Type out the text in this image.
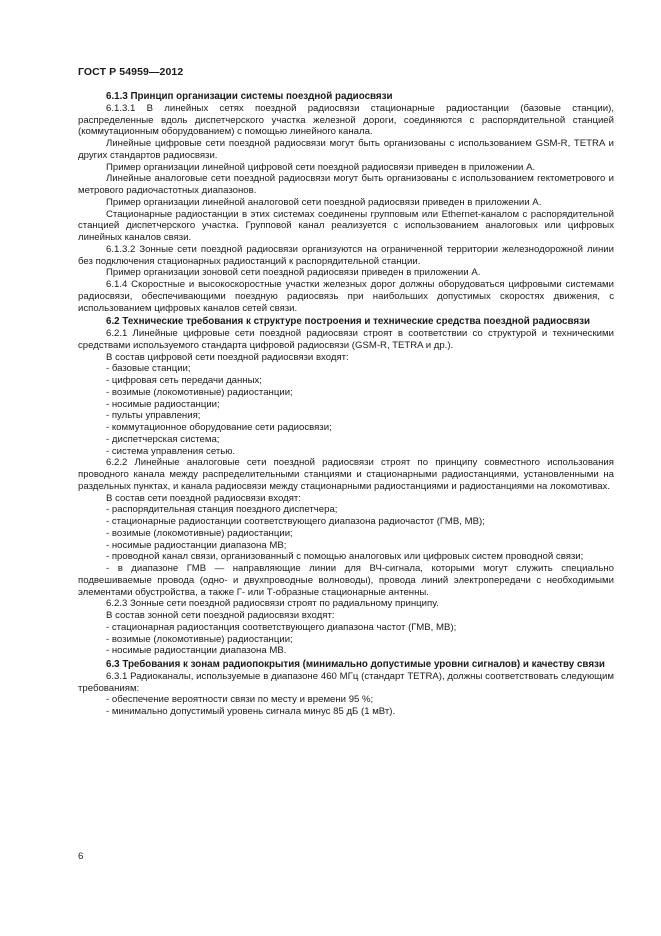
ГОСТ Р 54959—2012

6.1.3 Принцип организации системы поездной радиосвязи

6.1.3.1 В линейных сетях поездной радиосвязи стационарные радиостанции (базовые станции), распределенные вдоль диспетчерского участка железной дороги, соединяются с распорядительной станцией (коммутационным оборудованием) с помощью линейного канала.

Линейные цифровые сети поездной радиосвязи могут быть организованы с использованием GSM-R, TETRA и других стандартов радиосвязи.

Пример организации линейной цифровой сети поездной радиосвязи приведен в приложении А.

Линейные аналоговые сети поездной радиосвязи могут быть организованы с использованием гектометрового и метрового радиочастотных диапазонов.

Пример организации линейной аналоговой сети поездной радиосвязи приведен в приложении А.

Стационарные радиостанции в этих системах соединены групповым или Ethernet-каналом с распорядительной станцией диспетчерского участка. Групповой канал реализуется с использованием аналоговых или цифровых линейных каналов связи.

6.1.3.2 Зонные сети поездной радиосвязи организуются на ограниченной территории железнодорожной линии без подключения стационарных радиостанций к распорядительной станции.

Пример организации зоновой сети поездной радиосвязи приведен в приложении А.

6.1.4 Скоростные и высокоскоростные участки железных дорог должны оборудоваться цифровыми системами радиосвязи, обеспечивающими поездную радиосвязь при наибольших допустимых скоростях движения, с использованием цифровых каналов сетей связи.

6.2 Технические требования к структуре построения и технические средства поездной радиосвязи

6.2.1 Линейные цифровые сети поездной радиосвязи строят в соответствии со структурой и техническими средствами используемого стандарта цифровой радиосвязи (GSM-R, TETRA и др.).

В состав цифровой сети поездной радиосвязи входят:

- базовые станции;

- цифровая сеть передачи данных;

- возимые (локомотивные) радиостанции;

- носимые радиостанции;

- пульты управления;

- коммутационное оборудование сети радиосвязи;

- диспетчерская система;

- система управления сетью.

6.2.2 Линейные аналоговые сети поездной радиосвязи строят по принципу совместного использования проводного канала между распределительными станциями и стационарными радиостанциями, установленными на раздельных пунктах, и канала радиосвязи между стационарными радиостанциями и радиостанциями на локомотивах.

В состав сети поездной радиосвязи входят:

- распорядительная станция поездного диспетчера;

- стационарные радиостанции соответствующего диапазона радиочастот (ГМВ, МВ);

- возимые (локомотивные) радиостанции;

- носимые радиостанции диапазона МВ;

- проводной канал связи, организованный с помощью аналоговых или цифровых систем проводной связи;

- в диапазоне ГМВ — направляющие линии для ВЧ-сигнала, которыми могут служить специально подвешиваемые провода (одно- и двухпроводные волноводы), провода линий электропередачи с необходимыми элементами обустройства, а также Г- или Т-образные стационарные антенны.

6.2.3 Зонные сети поездной радиосвязи строят по радиальному принципу.

В состав зонной сети поездной радиосвязи входят:

- стационарная радиостанция соответствующего диапазона частот (ГМВ, МВ);

- возимые (локомотивные) радиостанции;

- носимые радиостанции диапазона МВ.

6.3 Требования к зонам радиопокрытия (минимально допустимые уровни сигналов) и качеству связи

6.3.1 Радиоканалы, используемые в диапазоне 460 МГц (стандарт TETRA), должны соответствовать следующим требованиям:

- обеспечение вероятности связи по месту и времени 95 %;

- минимально допустимый уровень сигнала минус 85 дБ (1 мВт).

6
